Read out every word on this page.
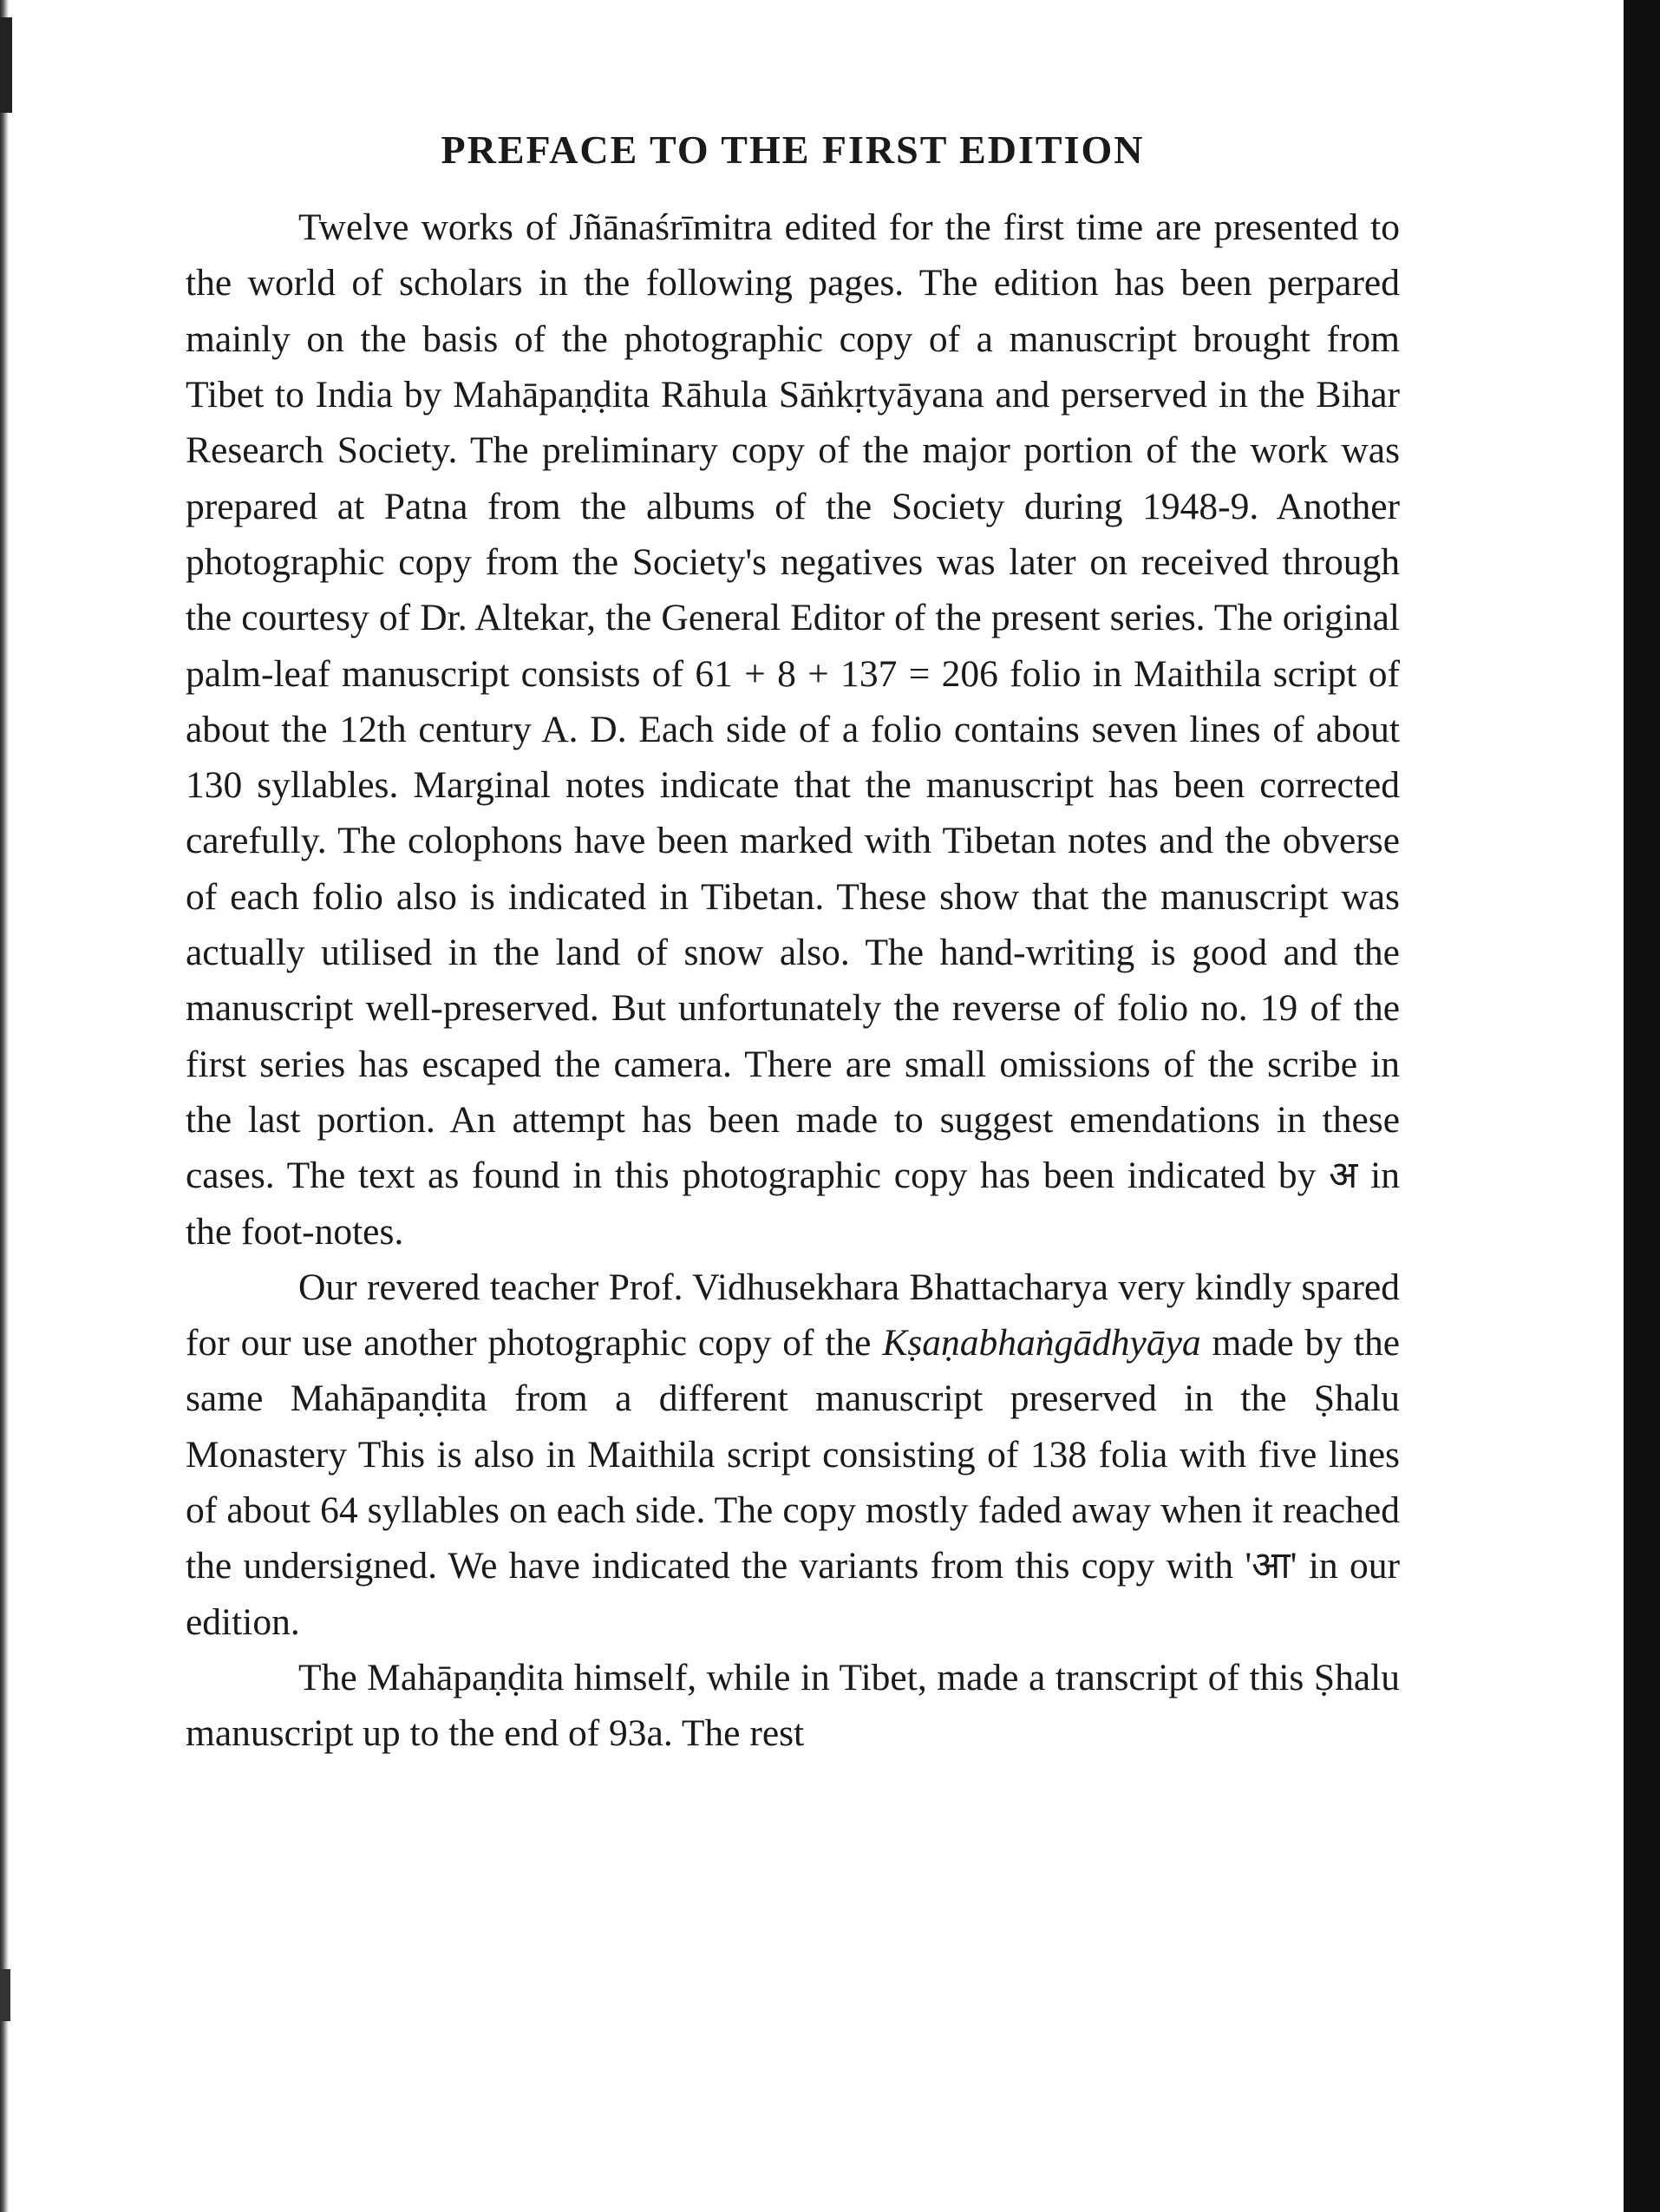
PREFACE TO THE FIRST EDITION

Twelve works of Jñānaśrīmitra edited for the first time are presented to the world of scholars in the following pages. The edition has been perpared mainly on the basis of the photographic copy of a manuscript brought from Tibet to India by Mahāpaṇḍita Rāhula Sāṅkṛtyāyana and perserved in the Bihar Research Society. The preliminary copy of the major portion of the work was prepared at Patna from the albums of the Society during 1948-9. Another photographic copy from the Society's negatives was later on received through the courtesy of Dr. Altekar, the General Editor of the present series. The original palm-leaf manuscript consists of 61 + 8 + 137 = 206 folio in Maithila script of about the 12th century A. D. Each side of a folio contains seven lines of about 130 syllables. Marginal notes indicate that the manuscript has been corrected carefully. The colophons have been marked with Tibetan notes and the obverse of each folio also is indicated in Tibetan. These show that the manuscript was actually utilised in the land of snow also. The hand-writing is good and the manuscript well-preserved. But unfortunately the reverse of folio no. 19 of the first series has escaped the camera. There are small omissions of the scribe in the last portion. An attempt has been made to suggest emendations in these cases. The text as found in this photographic copy has been indicated by अ in the foot-notes.

Our revered teacher Prof. Vidhusekhara Bhattacharya very kindly spared for our use another photographic copy of the Kṣaṇabhaṅgādhyāya made by the same Mahāpaṇḍita from a different manuscript preserved in the Ṣhalu Monastery This is also in Maithila script consisting of 138 folia with five lines of about 64 syllables on each side. The copy mostly faded away when it reached the undersigned. We have indicated the variants from this copy with 'आ' in our edition.

The Mahāpaṇḍita himself, while in Tibet, made a transcript of this Ṣhalu manuscript up to the end of 93a. The rest
